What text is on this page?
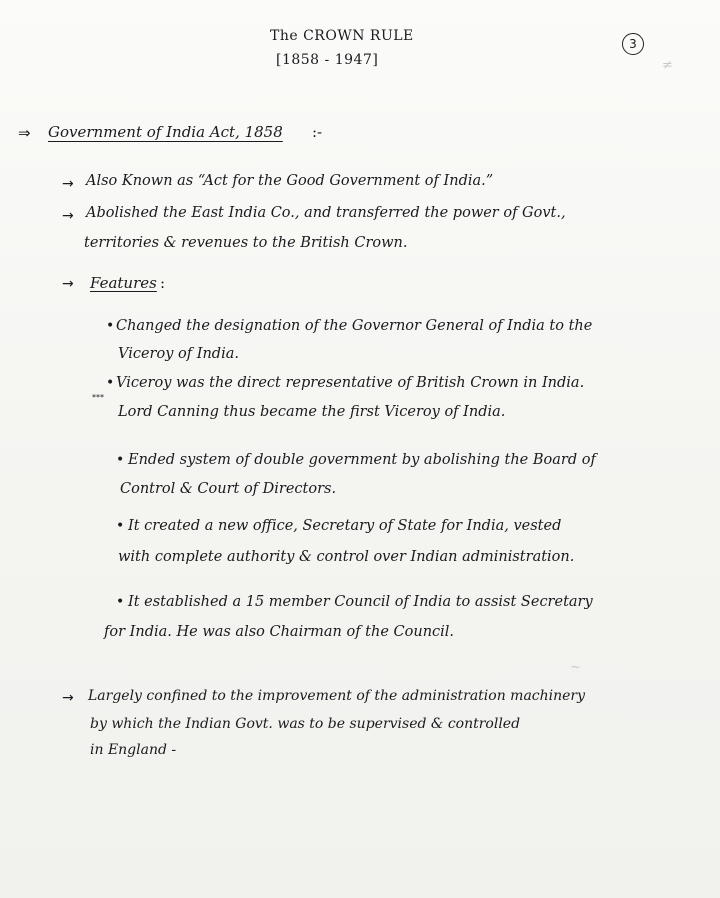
The CROWN RULE
[1858 - 1947]
3
≠
~
⇒ Government of India Act, 1858 :-
→ Also Known as “Act for the Good Government of India.”
→ Abolished the East India Co., and transferred the power of Govt.,
territories & revenues to the British Crown.
→ Features :
• Changed the designation of the Governor General of India to the
Viceroy of India.
• Viceroy was the direct representative of British Crown in India.
***
Lord Canning thus became the first Viceroy of India.
• Ended system of double government by abolishing the Board of
Control & Court of Directors.
• It created a new office, Secretary of State for India, vested
with complete authority & control over Indian administration.
• It established a 15 member Council of India to assist Secretary
for India. He was also Chairman of the Council.
→ Largely confined to the improvement of the administration machinery
by which the Indian Govt. was to be supervised & controlled
in England -
